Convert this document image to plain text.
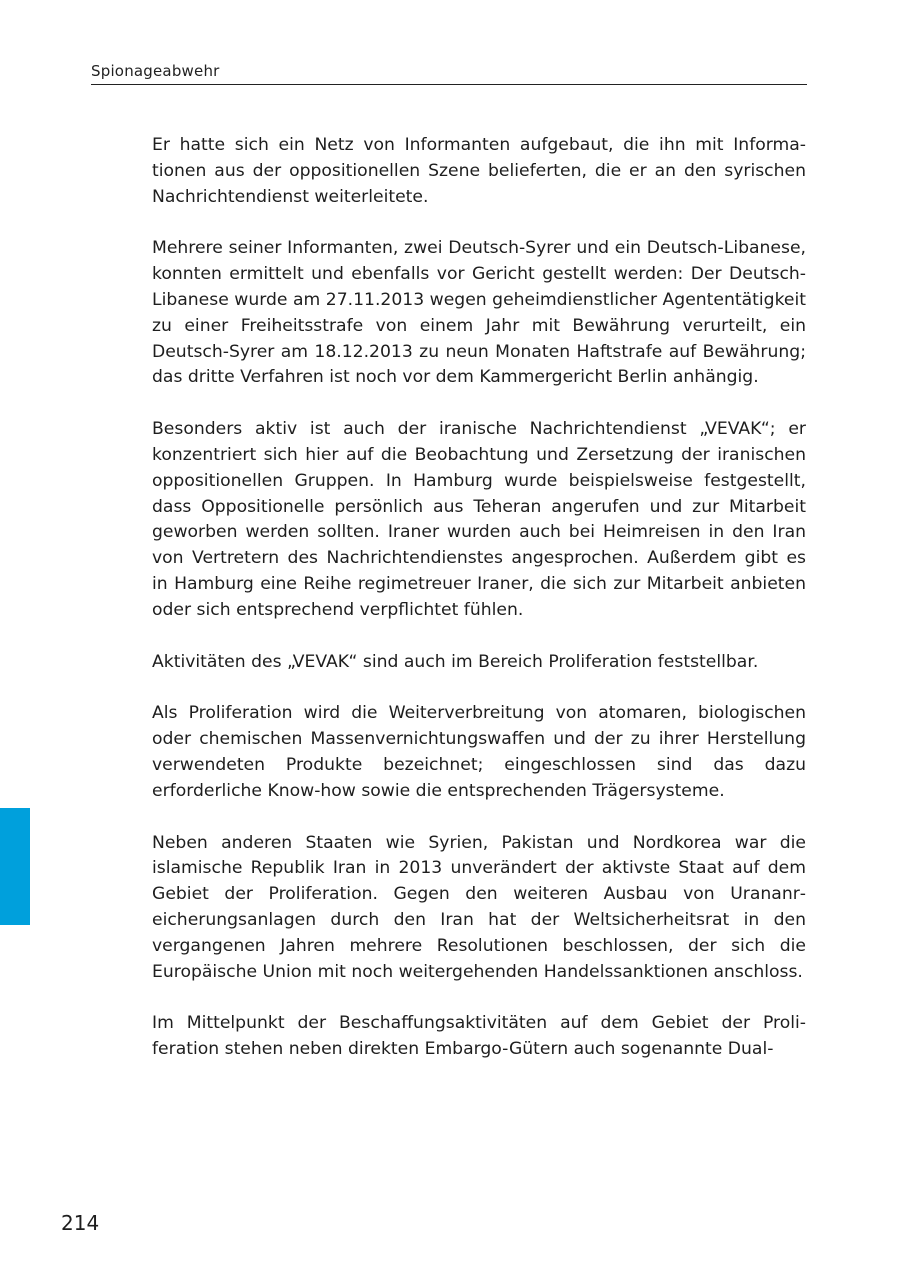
Spionageabwehr

Er hatte sich ein Netz von Informanten aufgebaut, die ihn mit Informationen aus der oppositionellen Szene belieferten, die er an den syrischen Nachrichtendienst weiterleitete.

Mehrere seiner Informanten, zwei Deutsch-Syrer und ein Deutsch-Libanese, konnten ermittelt und ebenfalls vor Gericht gestellt werden: Der Deutsch-Libanese wurde am 27.11.2013 wegen geheimdienstlicher Agententätigkeit zu einer Freiheitsstrafe von einem Jahr mit Bewährung verurteilt, ein Deutsch-Syrer am 18.12.2013 zu neun Monaten Haftstrafe auf Bewährung; das dritte Verfahren ist noch vor dem Kammergericht Berlin anhängig.

Besonders aktiv ist auch der iranische Nachrichtendienst „VEVAK“; er konzentriert sich hier auf die Beobachtung und Zersetzung der iranischen oppositionellen Gruppen. In Hamburg wurde beispielsweise festgestellt, dass Oppositionelle persönlich aus Teheran angerufen und zur Mitarbeit geworben werden sollten. Iraner wurden auch bei Heimreisen in den Iran von Vertretern des Nachrichtendienstes angesprochen. Außerdem gibt es in Hamburg eine Reihe regimetreuer Iraner, die sich zur Mitarbeit anbieten oder sich entsprechend verpflichtet fühlen.

Aktivitäten des „VEVAK“ sind auch im Bereich Proliferation feststellbar.

Als Proliferation wird die Weiterverbreitung von atomaren, biologischen oder chemischen Massenvernichtungswaffen und der zu ihrer Herstellung verwendeten Produkte bezeichnet; eingeschlossen sind das dazu erforderliche Know-how sowie die entsprechenden Trägersysteme.

Neben anderen Staaten wie Syrien, Pakistan und Nordkorea war die islamische Republik Iran in 2013 unverändert der aktivste Staat auf dem Gebiet der Proliferation. Gegen den weiteren Ausbau von Urananreicherungsanlagen durch den Iran hat der Weltsicherheitsrat in den vergangenen Jahren mehrere Resolutionen beschlossen, der sich die Europäische Union mit noch weitergehenden Handelssanktionen anschloss.

Im Mittelpunkt der Beschaffungsaktivitäten auf dem Gebiet der Proliferation stehen neben direkten Embargo-Gütern auch sogenannte Dual-

214
